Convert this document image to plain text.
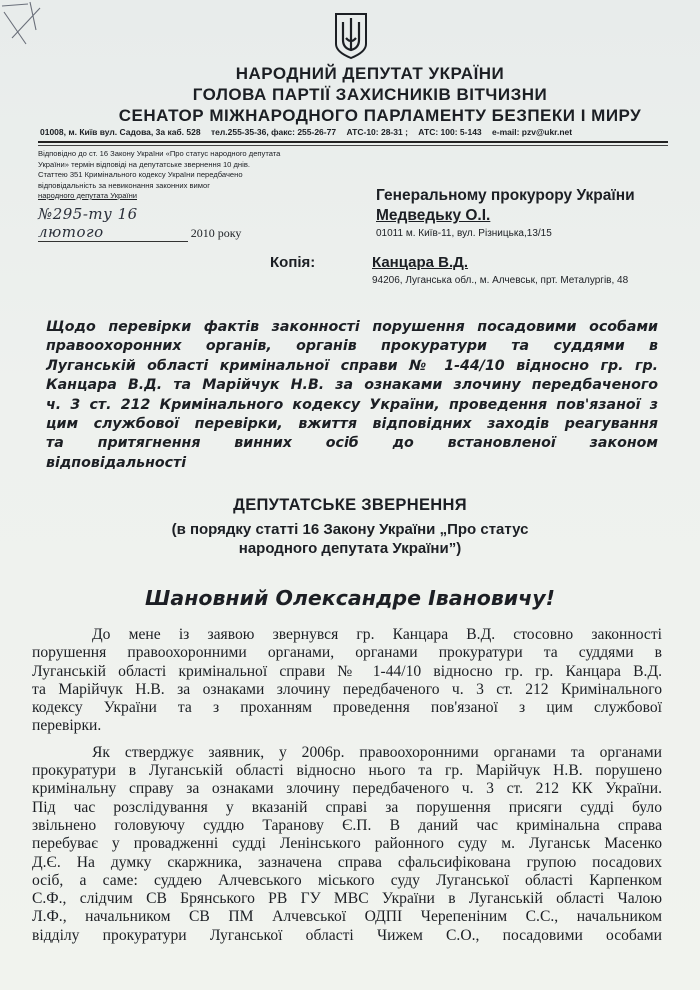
НАРОДНИЙ ДЕПУТАТ УКРАЇНИ
ГОЛОВА ПАРТІЇ ЗАХИСНИКІВ ВІТЧИЗНИ
СЕНАТОР МІЖНАРОДНОГО ПАРЛАМЕНТУ БЕЗПЕКИ І МИРУ
01008, м. Київ вул. Садова, 3а каб. 528 тел.255-35-36, факс: 255-26-77 АТС-10: 28-31 ; АТС: 100: 5-143 e-mail: pzv@ukr.net
Відповідно до ст. 16 Закону України «Про статус народного депутата
України» термін відповіді на депутатське звернення 10 днів.
Статтею 351 Кримінального кодексу України передбачено
відповідальність за невиконання законних вимог
народного депутата України
№295-ту 16 лютого	2010 року
Генеральному прокурору України
Медведьку О.І.
01011 м. Київ-11, вул. Різницька,13/15
Копія:	Канцара В.Д.
94206, Луганська обл., м. Алчевськ, прт. Металургів, 48
Щодо перевірки фактів законності порушення посадовими особами
правоохоронних органів, органів прокуратури та суддями в
Луганській області кримінальної справи № 1-44/10 відносно гр. гр.
Канцара В.Д. та Марійчук Н.В. за ознаками злочину передбаченого
ч. 3 ст. 212 Кримінального кодексу України, проведення пов'язаної з
цим службової перевірки, вжиття відповідних заходів реагування
та притягнення винних осіб до встановленої законом
відповідальності
ДЕПУТАТСЬКЕ ЗВЕРНЕННЯ
(в порядку статті 16 Закону України „Про статус
народного депутата України”)
Шановний Олександре Івановичу!
До мене із заявою звернувся гр. Канцара В.Д. стосовно законності
порушення правоохоронними органами, органами прокуратури та суддями в
Луганській області кримінальної справи № 1-44/10 відносно гр. гр. Канцара В.Д.
та Марійчук Н.В. за ознаками злочину передбаченого ч. 3 ст. 212 Кримінального
кодексу України та з проханням проведення пов'язаної з цим службової
перевірки.
Як стверджує заявник, у 2006р. правоохоронними органами та органами
прокуратури в Луганській області відносно нього та гр. Марійчук Н.В. порушено
кримінальну справу за ознаками злочину передбаченого ч. 3 ст. 212 КК України.
Під час розслідування у вказаній справі за порушення присяги судді було
звільнено головуючу суддю Таранову Є.П. В даний час кримінальна справа
перебуває у провадженні судді Ленінського районного суду м. Луганськ Масенко
Д.Є. На думку скаржника, зазначена справа сфальсифікована групою посадових
осіб, а саме: суддею Алчевського міського суду Луганської області Карпенком
С.Ф., слідчим СВ Брянського РВ ГУ МВС України в Луганській області Чалою
Л.Ф., начальником СВ ПМ Алчевської ОДПІ Черепеніним С.С., начальником
відділу прокуратури Луганської області Чижем С.О., посадовими особами
